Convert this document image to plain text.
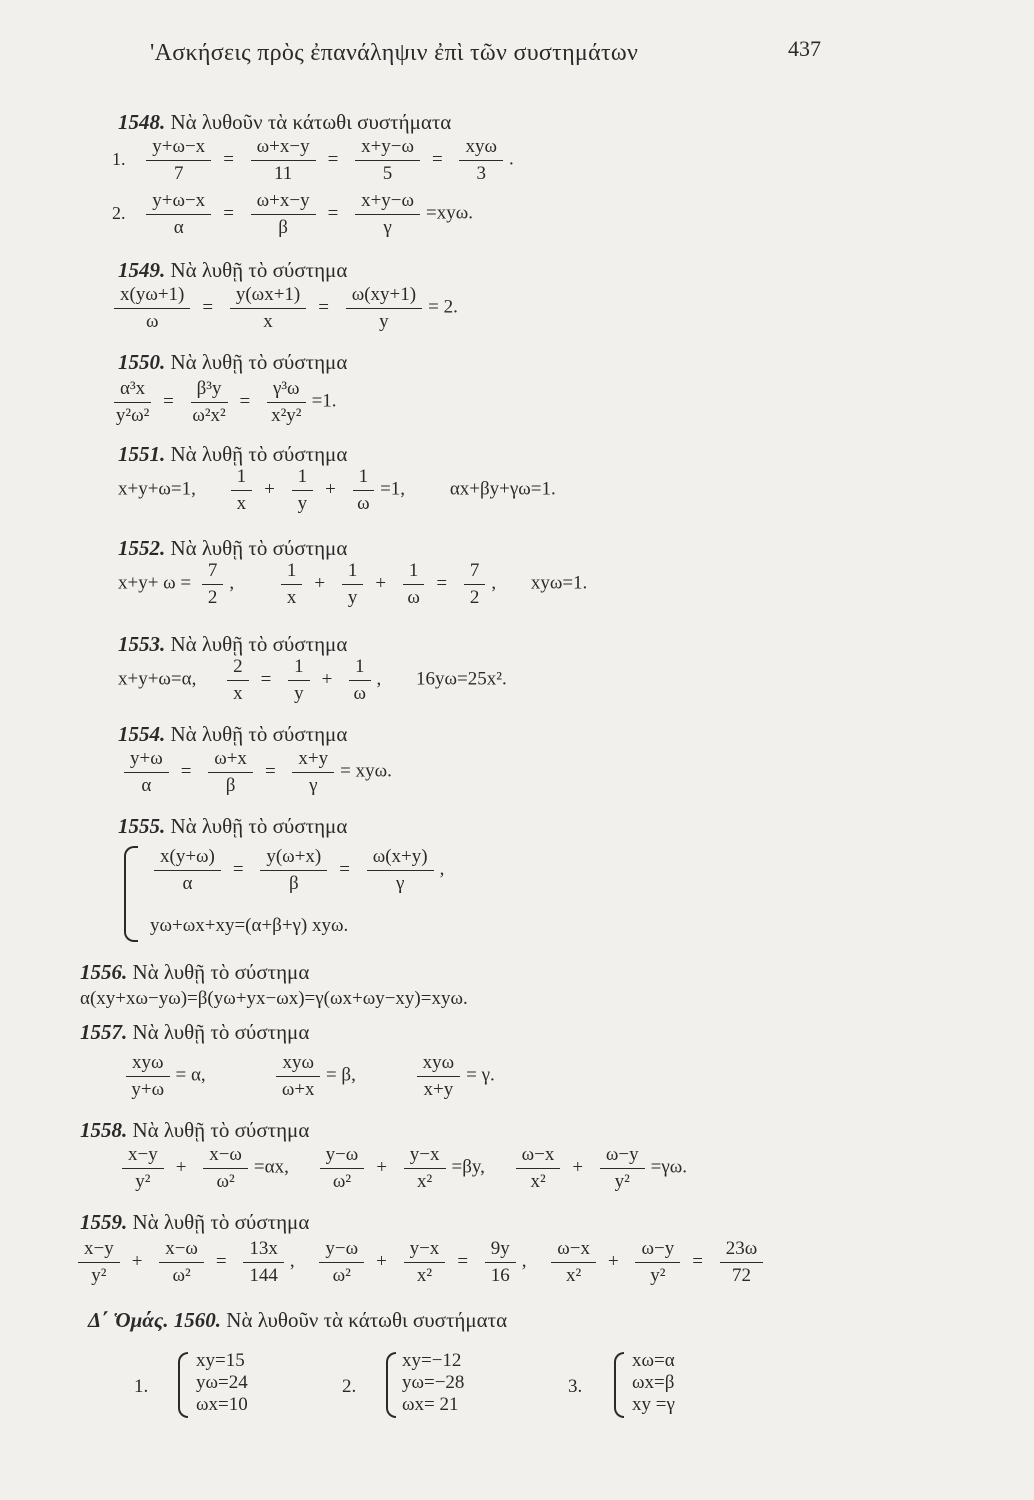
'Ασκήσεις πρὸς ἐπανάληψιν ἐπὶ τῶν συστημάτων	437
1548. Νὰ λυθοῦν τὰ κάτωθι συστήματα
1. $\frac{y+\omega-x}{7} = \frac{\omega+x-y}{11} = \frac{x+y-\omega}{5} = \frac{\text{xyω}}{3}$ .
2. $\frac{y+\omega-x}{\alpha} = \frac{\omega+x-y}{\beta} = \frac{x+y-\omega}{\gamma} =xy\omega$.
1549. Νὰ λυθῇ τὸ σύστημα
$\frac{x(y\omega+1)}{\omega} = \frac{y(\omega x+1)}{x} = \frac{\omega(xy+1)}{y} = 2$.
1550. Νὰ λυθῇ τὸ σύστημα
$\frac{\text{α³x}}{\text{y²ω²}} = \frac{\text{β³y}}{\text{ω²x²}} = \frac{\text{γ³ω}}{\text{x²y²}} =1$.
1551. Νὰ λυθῇ τὸ σύστημα
x+y+ω=1, $\frac{1}{x} + \frac{1}{y} + \frac{1}{\omega} =1$, αx+βy+γω=1.
1552. Νὰ λυθῇ τὸ σύστημα
$x+y+ \omega = \frac{7}{2}$ , $\frac{1}{x} + \frac{1}{y} + \frac{1}{\omega} = \frac{7}{2}$ , xyω=1.
1553. Νὰ λυθῇ τὸ σύστημα
x+y+ω=α, $\frac{2}{x} = \frac{1}{y} + \frac{1}{\omega}$ , 16yω=25x².
1554. Νὰ λυθῇ τὸ σύστημα
$\frac{y+\omega}{\alpha} = \frac{\omega+x}{\beta} = \frac{x+y}{\gamma} = xy\omega$.
1555. Νὰ λυθῇ τὸ σύστημα
$\frac{x(y+\omega)}{\alpha} = \frac{y(\omega+x)}{\beta} = \frac{\omega(x+y)}{\gamma}$ ,
yω+ωx+xy=(α+β+γ) xyω.
1556. Νὰ λυθῇ τὸ σύστημα
α(xy+xω−yω)=β(yω+yx−ωx)=γ(ωx+ωy−xy)=xyω.
1557. Νὰ λυθῇ τὸ σύστημα
$\frac{\text{xyω}}{y+\omega} = \alpha$,	$\frac{\text{xyω}}{\omega+x} = \beta$,	$\frac{\text{xyω}}{x+y} = \gamma$.
1558. Νὰ λυθῇ τὸ σύστημα
$\frac{x-y}{\text{y²}} + \frac{x-\omega}{\text{ω²}} =\alpha x$, $\frac{y-\omega}{\text{ω²}} + \frac{y-x}{\text{x²}} =\beta y$, $\frac{\omega-x}{\text{x²}} + \frac{\omega-y}{\text{y²}} =\gamma\omega$.
1559. Νὰ λυθῇ τὸ σύστημα
$\frac{x-y}{\text{y²}} + \frac{x-\omega}{\text{ω²}} = \frac{13x}{144}$ , $\frac{y-\omega}{\text{ω²}} + \frac{y-x}{\text{x²}} = \frac{9y}{16}$ , $\frac{\omega-x}{\text{x²}} + \frac{\omega-y}{\text{y²}} = \frac{23\omega}{72}$
Δ΄ Ὁμάς. 1560. Νὰ λυθοῦν τὰ κάτωθι συστήματα
1.
xy=15
yω=24
ωx=10
2.
xy=−12
yω=−28
ωx= 21
3.
xω=α
ωx=β
xy =γ
